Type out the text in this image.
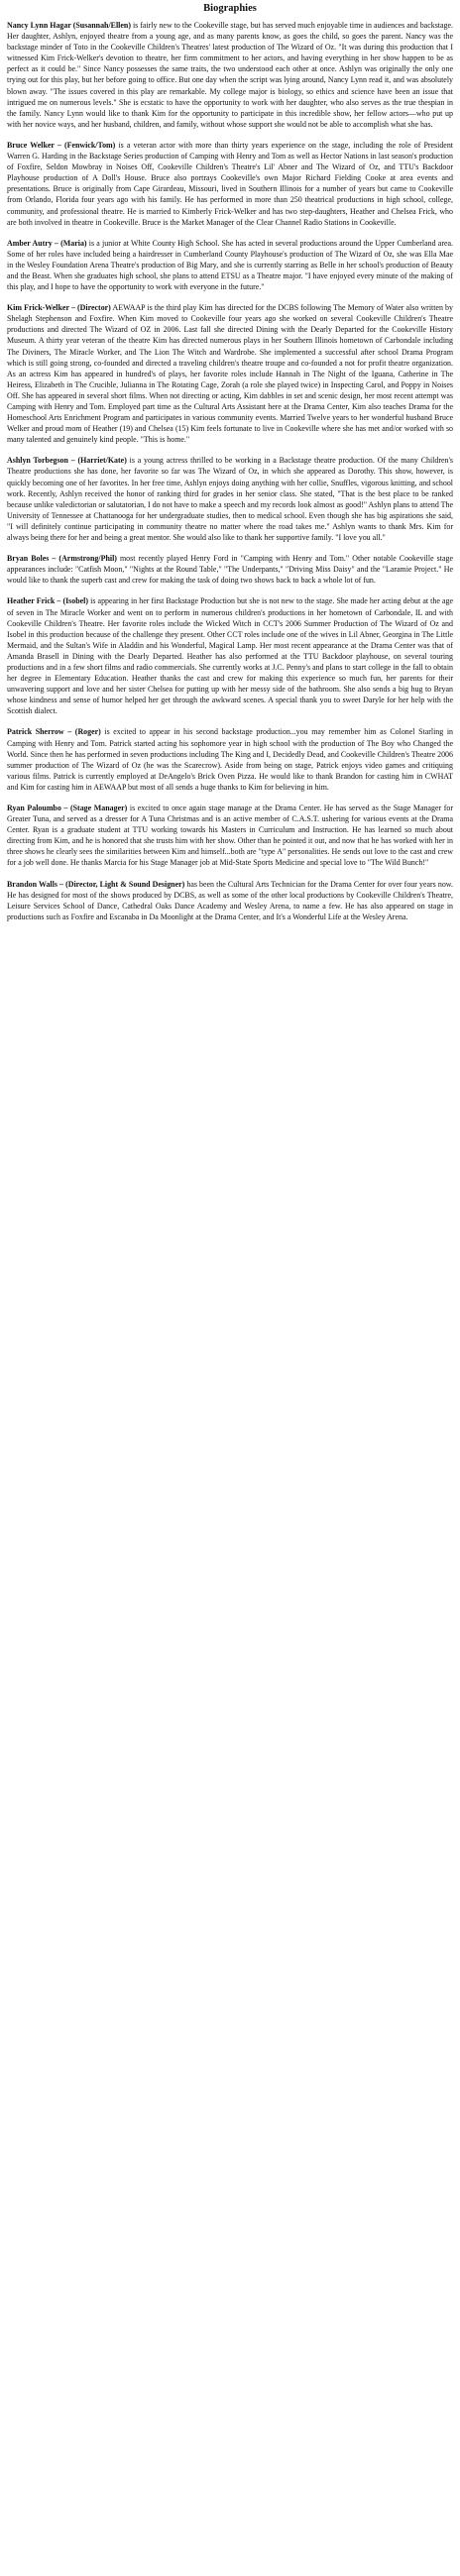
Biographies
Nancy Lynn Hagar (Susannah/Ellen) is fairly new to the Cookeville stage, but has served much enjoyable time in audiences and backstage. Her daughter, Ashlyn, enjoyed theatre from a young age, and as many parents know, as goes the child, so goes the parent. Nancy was the backstage minder of Toto in the Cookeville Children's Theatres' latest production of The Wizard of Oz. "It was during this production that I witnessed Kim Frick-Welker's devotion to theatre, her firm commitment to her actors, and having everything in her show happen to be as perfect as it could be." Since Nancy possesses the same traits, the two understood each other at once. Ashlyn was originally the only one trying out for this play, but her before going to office. But one day when the script was lying around, Nancy Lynn read it, and was absolutely blown away. "The issues covered in this play are remarkable. My college major is biology, so ethics and science have been an issue that intrigued me on numerous levels." She is ecstatic to have the opportunity to work with her daughter, who also serves as the true thespian in the family. Nancy Lynn would like to thank Kim for the opportunity to participate in this incredible show, her fellow actors—who put up with her novice ways, and her husband, children, and family, without whose support she would not be able to accomplish what she has.
Bruce Welker – (Fenwick/Tom) is a veteran actor with more than thirty years experience on the stage, including the role of President Warren G. Harding in the Backstage Series production of Camping with Henry and Tom as well as Hector Nations in last season's production of Foxfire, Seldon Mowbray in Noises Off, Cookeville Children's Theatre's Lil' Abner and The Wizard of Oz, and TTU's Backdoor Playhouse production of A Doll's House. Bruce also portrays Cookeville's own Major Richard Fielding Cooke at area events and presentations. Bruce is originally from Cape Girardeau, Missouri, lived in Southern Illinois for a number of years but came to Cookeville from Orlando, Florida four years ago with his family. He has performed in more than 250 theatrical productions in high school, college, community, and professional theatre. He is married to Kimberly Frick-Welker and has two step-daughters, Heather and Chelsea Frick, who are both involved in theatre in Cookeville. Bruce is the Market Manager of the Clear Channel Radio Stations in Cookeville.
Amber Autry – (Maria) is a junior at White County High School. She has acted in several productions around the Upper Cumberland area. Some of her roles have included being a hairdresser in Cumberland County Playhouse's production of The Wizard of Oz, she was Ella Mae in the Wesley Foundation Arena Theatre's production of Big Mary, and she is currently starring as Belle in her school's production of Beauty and the Beast. When she graduates high school, she plans to attend ETSU as a Theatre major. "I have enjoyed every minute of the making of this play, and I hope to have the opportunity to work with everyone in the future."
Kim Frick-Welker – (Director) AEWAAP is the third play Kim has directed for the DCBS following The Memory of Water also written by Shelagh Stephenson and Foxfire. When Kim moved to Cookeville four years ago she worked on several Cookeville Children's Theatre productions and directed The Wizard of OZ in 2006. Last fall she directed Dining with the Dearly Departed for the Cookeville History Museum. A thirty year veteran of the theatre Kim has directed numerous plays in her Southern Illinois hometown of Carbondale including The Diviners, The Miracle Worker, and The Lion The Witch and Wardrobe. She implemented a successful after school Drama Program which is still going strong, co-founded and directed a traveling children's theatre troupe and co-founded a not for profit theatre organization. As an actress Kim has appeared in hundred's of plays, her favorite roles include Hannah in The Night of the Iguana, Catherine in The Heiress, Elizabeth in The Crucible, Julianna in The Rotating Cage, Zorah (a role she played twice) in Inspecting Carol, and Poppy in Noises Off. She has appeared in several short films. When not directing or acting, Kim dabbles in set and scenic design, her most recent attempt was Camping with Henry and Tom. Employed part time as the Cultural Arts Assistant here at the Drama Center, Kim also teaches Drama for the Homeschool Arts Enrichment Program and participates in various community events. Married Twelve years to her wonderful husband Bruce Welker and proud mom of Heather (19) and Chelsea (15) Kim feels fortunate to live in Cookeville where she has met and/or worked with so many talented and genuinely kind people. "This is home."
Ashlyn Torbegson – (Harriet/Kate) is a young actress thrilled to be working in a Backstage theatre production. Of the many Children's Theatre productions she has done, her favorite so far was The Wizard of Oz, in which she appeared as Dorothy. This show, however, is quickly becoming one of her favorites. In her free time, Ashlyn enjoys doing anything with her collie, Snuffles, vigorous knitting, and school work. Recently, Ashlyn received the honor of ranking third for grades in her senior class. She stated, "That is the best place to be ranked because unlike valedictorian or salutatorian, I do not have to make a speech and my records look almost as good!" Ashlyn plans to attend The University of Tennessee at Chattanooga for her undergraduate studies, then to medical school. Even though she has big aspirations she said, "I will definitely continue participating in community theatre no matter where the road takes me." Ashlyn wants to thank Mrs. Kim for always being there for her and being a great mentor. She would also like to thank her supportive family. "I love you all."
Bryan Boles – (Armstrong/Phil) most recently played Henry Ford in "Camping with Henry and Tom." Other notable Cookeville stage appearances include: "Catfish Moon," "Nights at the Round Table," "The Underpants," "Driving Miss Daisy" and the "Laramie Project." He would like to thank the superb cast and crew for making the task of doing two shows back to back a whole lot of fun.
Heather Frick – (Isobel) is appearing in her first Backstage Production but she is not new to the stage. She made her acting debut at the age of seven in The Miracle Worker and went on to perform in numerous children's productions in her hometown of Carbondale, IL and with Cookeville Children's Theatre. Her favorite roles include the Wicked Witch in CCT's 2006 Summer Production of The Wizard of Oz and Isobel in this production because of the challenge they present. Other CCT roles include one of the wives in Lil Abner, Georgina in The Little Mermaid, and the Sultan's Wife in Aladdin and his Wonderful, Magical Lamp. Her most recent appearance at the Drama Center was that of Amanda Brasell in Dining with the Dearly Departed. Heather has also performed at the TTU Backdoor playhouse, on several touring productions and in a few short films and radio commercials. She currently works at J.C. Penny's and plans to start college in the fall to obtain her degree in Elementary Education. Heather thanks the cast and crew for making this experience so much fun, her parents for their unwavering support and love and her sister Chelsea for putting up with her messy side of the bathroom. She also sends a big hug to Bryan whose kindness and sense of humor helped her get through the awkward scenes. A special thank you to sweet Daryle for her help with the Scottish dialect.
Patrick Sherrow – (Roger) is excited to appear in his second backstage production...you may remember him as Colonel Starling in Camping with Henry and Tom. Patrick started acting his sophomore year in high school with the production of The Boy who Changed the World. Since then he has performed in seven productions including The King and I, Decidedly Dead, and Cookeville Children's Theatre 2006 summer production of The Wizard of Oz (he was the Scarecrow). Aside from being on stage, Patrick enjoys video games and critiquing various films. Patrick is currently employed at DeAngelo's Brick Oven Pizza. He would like to thank Brandon for casting him in CWHAT and Kim for casting him in AEWAAP but most of all sends a huge thanks to Kim for believing in him.
Ryan Paloumbo – (Stage Manager) is excited to once again stage manage at the Drama Center. He has served as the Stage Manager for Greater Tuna, and served as a dresser for A Tuna Christmas and is an active member of C.A.S.T. ushering for various events at the Drama Center. Ryan is a graduate student at TTU working towards his Masters in Curriculum and Instruction. He has learned so much about directing from Kim, and he is honored that she trusts him with her show. Other than he pointed it out, and now that he has worked with her in three shows he clearly sees the similarities between Kim and himself...both are "type A" personalities. He sends out love to the cast and crew for a job well done. He thanks Marcia for his Stage Manager job at Mid-State Sports Medicine and special love to "The Wild Bunch!"
Brandon Walls – (Director, Light & Sound Designer) has been the Cultural Arts Technician for the Drama Center for over four years now. He has designed for most of the shows produced by DCBS, as well as some of the other local productions by Cookeville Children's Theatre, Leisure Services School of Dance, Cathedral Oaks Dance Academy and Wesley Arena, to name a few. He has also appeared on stage in productions such as Foxfire and Escanaba in Da Moonlight at the Drama Center, and It's a Wonderful Life at the Wesley Arena.
